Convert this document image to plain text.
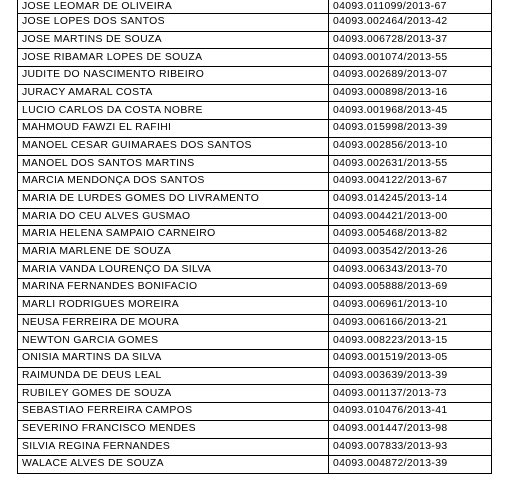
JOSE LEOMAR DE OLIVEIRA	04093.011099/2013-67
JOSE LOPES DOS SANTOS	04093.002464/2013-42
JOSE MARTINS DE SOUZA	04093.006728/2013-37
JOSE RIBAMAR LOPES DE SOUZA	04093.001074/2013-55
JUDITE DO NASCIMENTO RIBEIRO	04093.002689/2013-07
JURACY AMARAL COSTA	04093.000898/2013-16
LUCIO CARLOS DA COSTA NOBRE	04093.001968/2013-45
MAHMOUD FAWZI EL RAFIHI	04093.015998/2013-39
MANOEL CESAR GUIMARAES DOS SANTOS	04093.002856/2013-10
MANOEL DOS SANTOS MARTINS	04093.002631/2013-55
MARCIA MENDONÇA DOS SANTOS	04093.004122/2013-67
MARIA DE LURDES GOMES DO LIVRAMENTO	04093.014245/2013-14
MARIA DO CEU ALVES GUSMAO	04093.004421/2013-00
MARIA HELENA SAMPAIO CARNEIRO	04093.005468/2013-82
MARIA MARLENE DE SOUZA	04093.003542/2013-26
MARIA VANDA LOURENÇO DA SILVA	04093.006343/2013-70
MARINA FERNANDES BONIFACIO	04093.005888/2013-69
MARLI RODRIGUES MOREIRA	04093.006961/2013-10
NEUSA FERREIRA DE MOURA	04093.006166/2013-21
NEWTON GARCIA GOMES	04093.008223/2013-15
ONISIA MARTINS DA SILVA	04093.001519/2013-05
RAIMUNDA DE DEUS LEAL	04093.003639/2013-39
RUBILEY GOMES DE SOUZA	04093.001137/2013-73
SEBASTIAO FERREIRA CAMPOS	04093.010476/2013-41
SEVERINO FRANCISCO MENDES	04093.001447/2013-98
SILVIA REGINA FERNANDES	04093.007833/2013-93
WALACE ALVES DE SOUZA	04093.004872/2013-39
